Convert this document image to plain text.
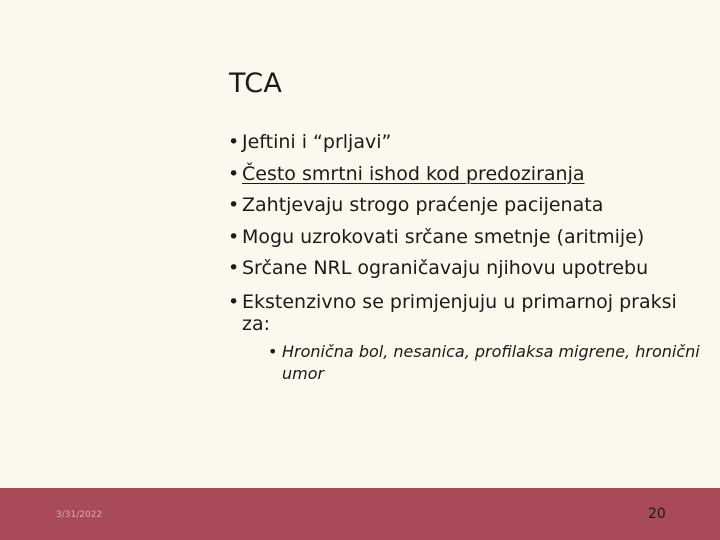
TCA
• Jeftini i “prljavi”
• Često smrtni ishod kod predoziranja
• Zahtjevaju strogo praćenje pacijenata
• Mogu uzrokovati srčane smetnje (aritmije)
• Srčane NRL ograničavaju njihovu upotrebu
• Ekstenzivno se primjenjuju u primarnoj praksi za:
• Hronična bol, nesanica, profilaksa migrene, hronični umor
3/31/2022	20
